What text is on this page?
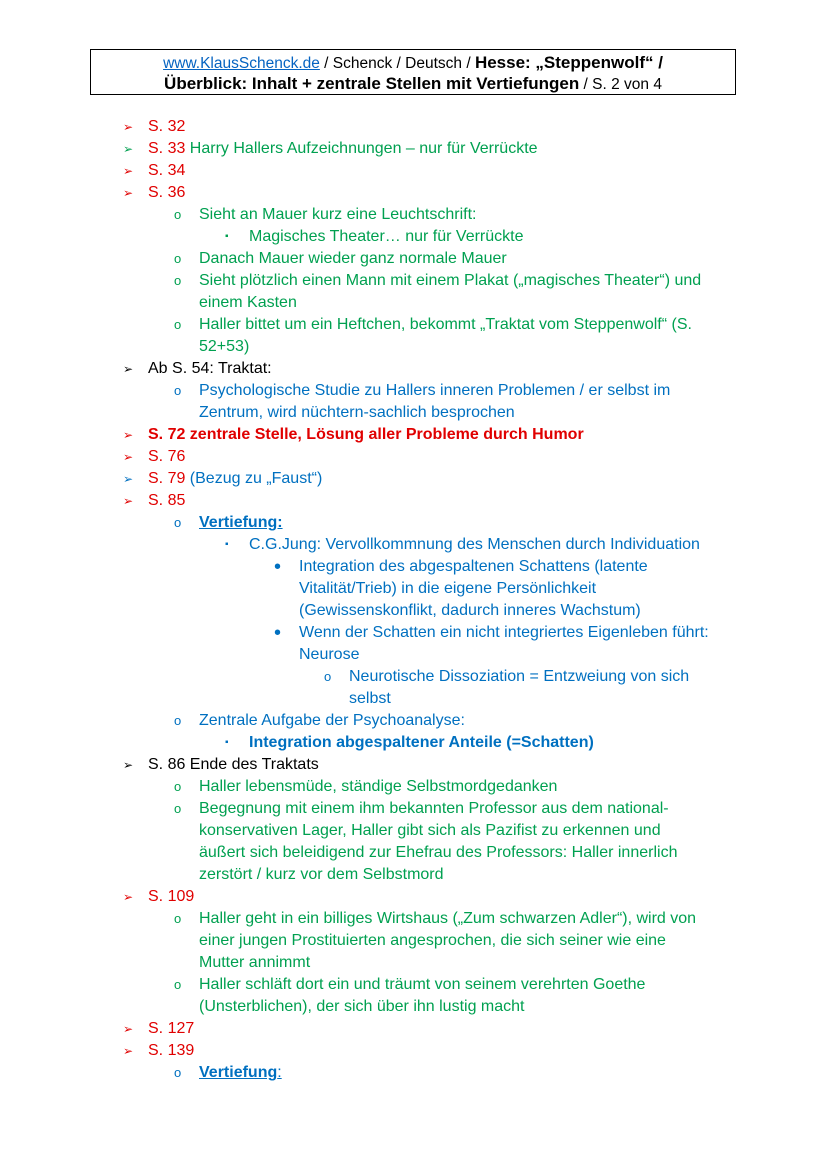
www.KlausSchenck.de / Schenck / Deutsch / Hesse: „Steppenwolf“ /
Überblick: Inhalt + zentrale Stellen mit Vertiefungen / S. 2 von 4
➢ S. 32
➢ S. 33 Harry Hallers Aufzeichnungen – nur für Verrückte
➢ S. 34
➢ S. 36
o Sieht an Mauer kurz eine Leuchtschrift:
▪ Magisches Theater… nur für Verrückte
o Danach Mauer wieder ganz normale Mauer
o Sieht plötzlich einen Mann mit einem Plakat („magisches Theater“) und
einem Kasten
o Haller bittet um ein Heftchen, bekommt „Traktat vom Steppenwolf“ (S.
52+53)
➢ Ab S. 54: Traktat:
o Psychologische Studie zu Hallers inneren Problemen / er selbst im
Zentrum, wird nüchtern-sachlich besprochen
➢ S. 72 zentrale Stelle, Lösung aller Probleme durch Humor
➢ S. 76
➢ S. 79 (Bezug zu „Faust“)
➢ S. 85
o Vertiefung:
▪ C.G.Jung: Vervollkommnung des Menschen durch Individuation
• Integration des abgespaltenen Schattens (latente
Vitalität/Trieb) in die eigene Persönlichkeit
(Gewissenskonflikt, dadurch inneres Wachstum)
• Wenn der Schatten ein nicht integriertes Eigenleben führt:
Neurose
o Neurotische Dissoziation = Entzweiung von sich
selbst
o Zentrale Aufgabe der Psychoanalyse:
▪ Integration abgespaltener Anteile (=Schatten)
➢ S. 86 Ende des Traktats
o Haller lebensmüde, ständige Selbstmordgedanken
o Begegnung mit einem ihm bekannten Professor aus dem national-
konservativen Lager, Haller gibt sich als Pazifist zu erkennen und
äußert sich beleidigend zur Ehefrau des Professors: Haller innerlich
zerstört / kurz vor dem Selbstmord
➢ S. 109
o Haller geht in ein billiges Wirtshaus („Zum schwarzen Adler“), wird von
einer jungen Prostituierten angesprochen, die sich seiner wie eine
Mutter annimmt
o Haller schläft dort ein und träumt von seinem verehrten Goethe
(Unsterblichen), der sich über ihn lustig macht
➢ S. 127
➢ S. 139
o Vertiefung:
